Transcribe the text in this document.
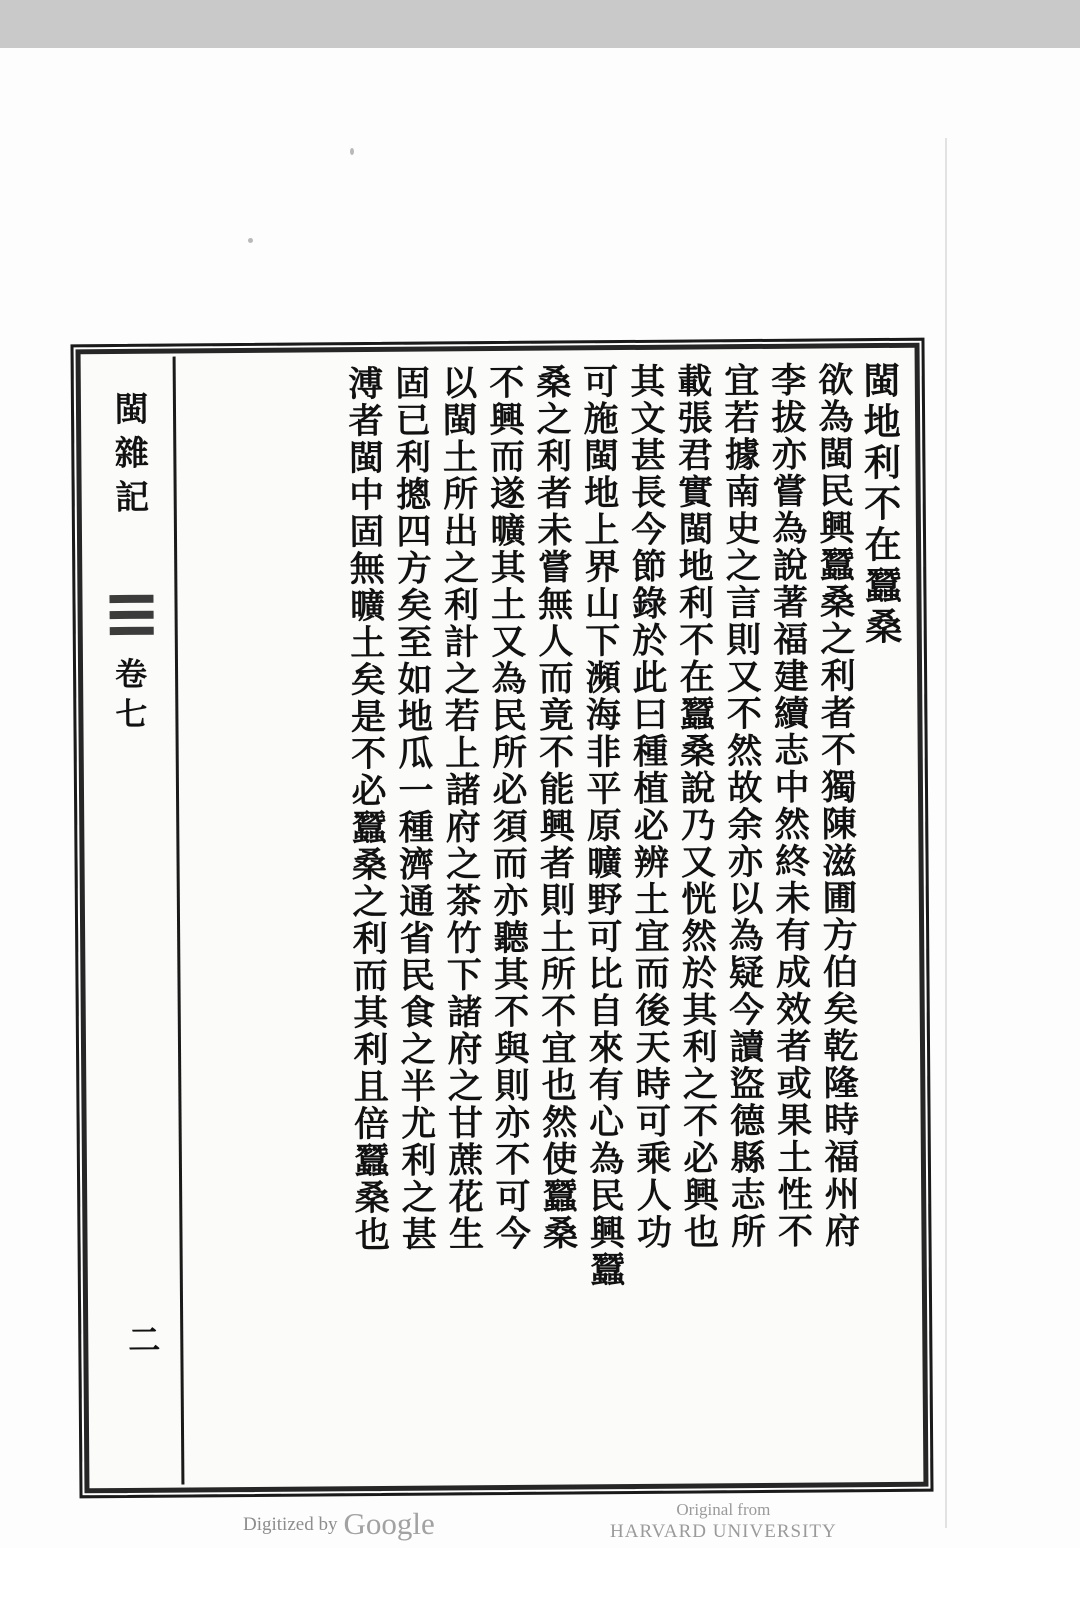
閩雜記
卷七
二
閩地利不在蠶桑
欲為閩民興蠶桑之利者不獨陳滋圃方伯矣乾隆時福州府
李拔亦嘗為說著福建續志中然終未有成效者或果土性不
宜若據南史之言則又不然故余亦以為疑今讀盜德縣志所
載張君實閩地利不在蠶桑說乃又恍然於其利之不必興也
其文甚長今節錄於此曰種植必辨土宜而後天時可乘人功
可施閩地上界山下瀕海非平原曠野可比自來有心為民興蠶
桑之利者未嘗無人而竟不能興者則土所不宜也然使蠶桑
不興而遂曠其土又為民所必須而亦聽其不與則亦不可今
以閩土所出之利計之若上諸府之茶竹下諸府之甘蔗花生
固已利摠四方矣至如地瓜一種濟通省民食之半尤利之甚
溥者閩中固無曠土矣是不必蠶桑之利而其利且倍蠶桑也
Digitized by Google	Original from
HARVARD UNIVERSITY
